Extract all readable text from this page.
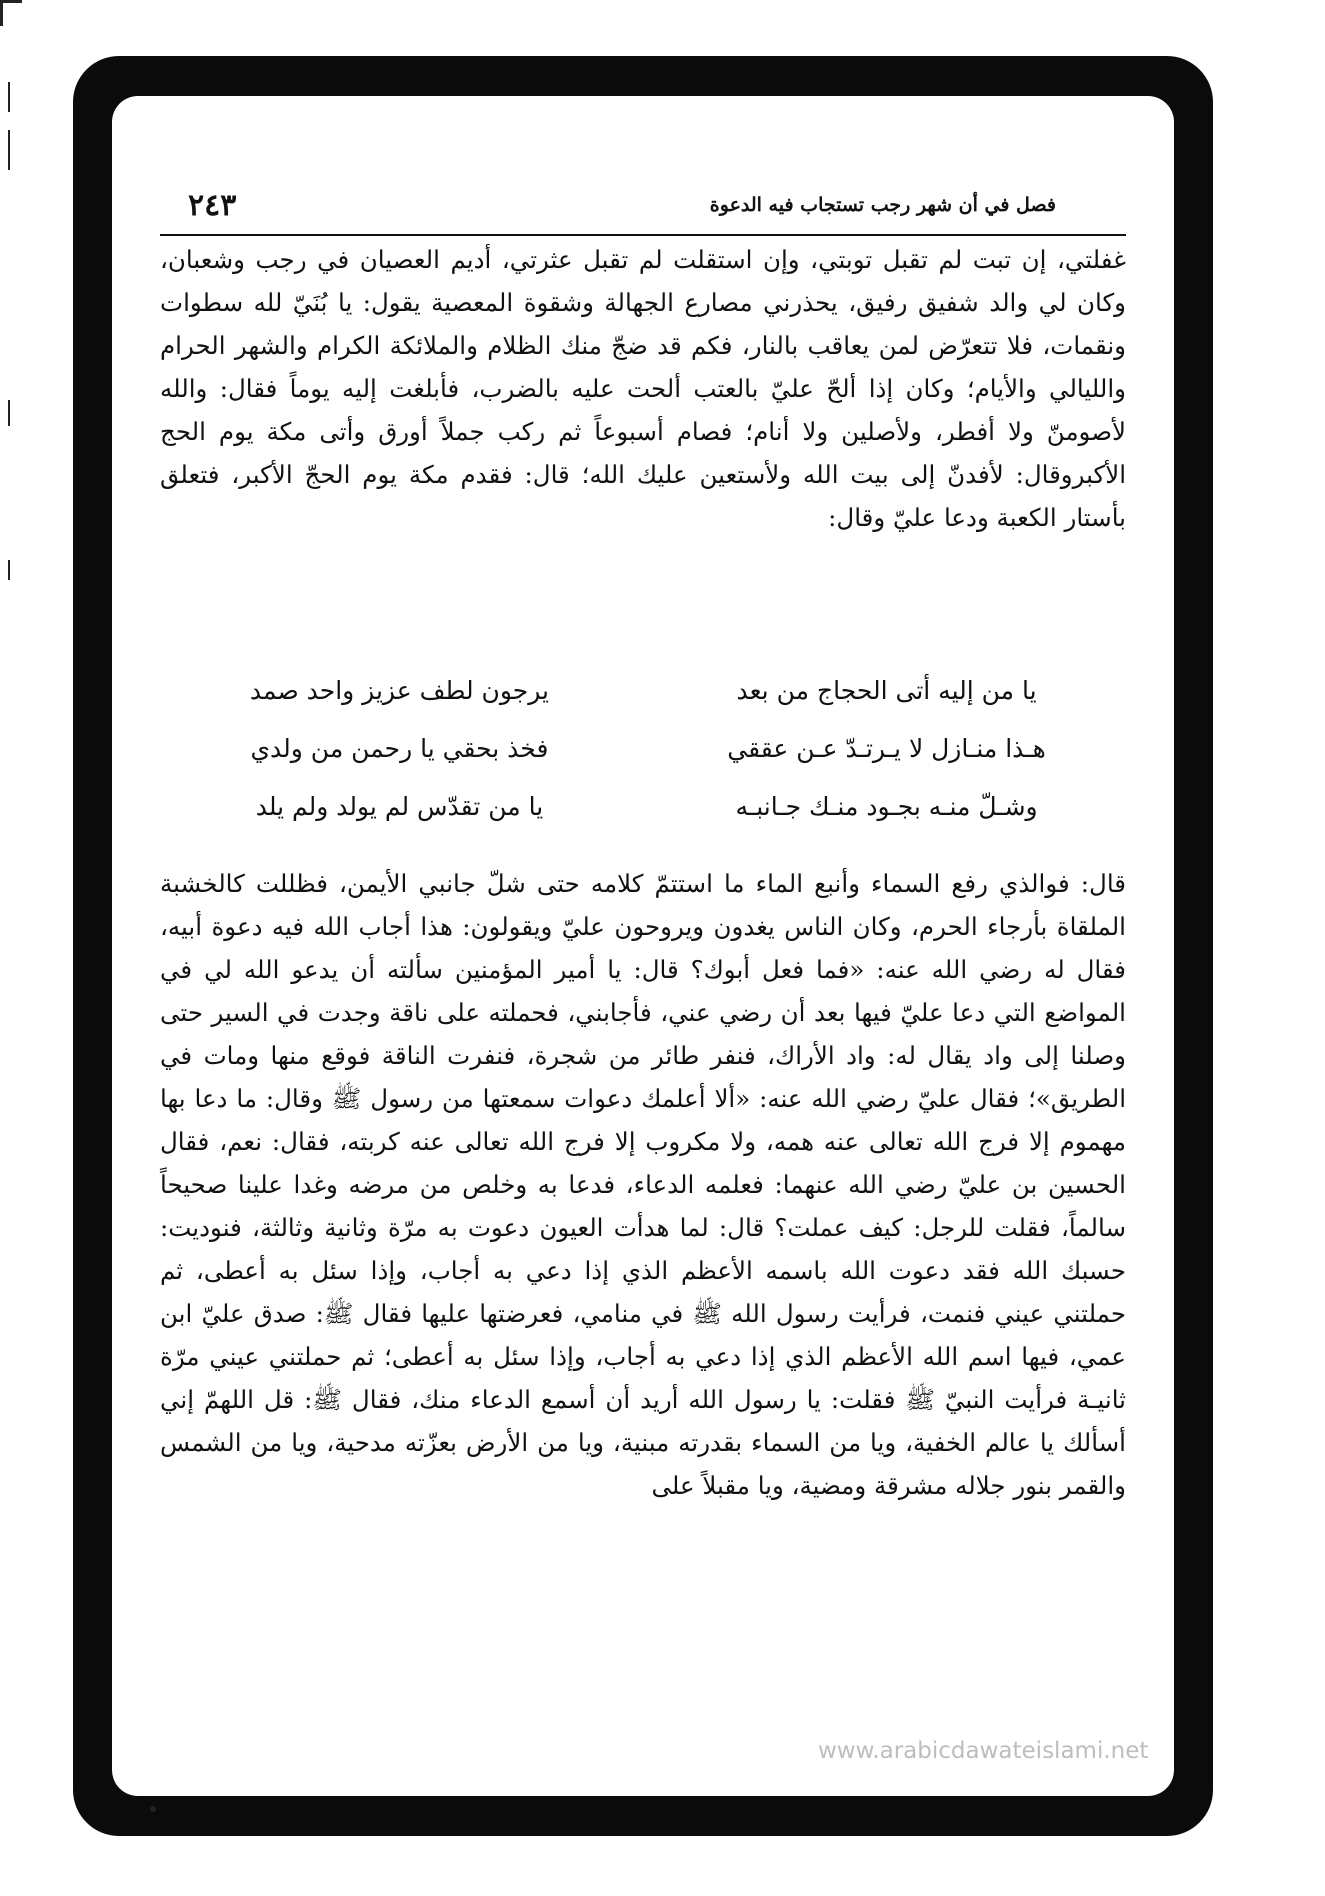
فصل في أن شهر رجب تستجاب فيه الدعوة
٢٤٣
غفلتي، إن تبت لم تقبل توبتي، وإن استقلت لم تقبل عثرتي، أديم العصيان في رجب وشعبان، وكان لي والد شفيق رفيق، يحذرني مصارع الجهالة وشقوة المعصية يقول: يا بُنَيّ لله سطوات ونقمات، فلا تتعرّض لمن يعاقب بالنار، فكم قد ضجّ منك الظلام والملائكة الكرام والشهر الحرام والليالي والأيام؛ وكان إذا ألحّ عليّ بالعتب ألحت عليه بالضرب، فأبلغت إليه يوماً فقال: والله لأصومنّ ولا أفطر، ولأصلين ولا أنام؛ فصام أسبوعاً ثم ركب جملاً أورق وأتى مكة يوم الحج الأكبروقال: لأفدنّ إلى بيت الله ولأستعين عليك الله؛ قال: فقدم مكة يوم الحجّ الأكبر، فتعلق بأستار الكعبة ودعا عليّ وقال:
يا من إليه أتى الحجاج من بعد
يرجون لطف عزيز واحد صمد
هـذا منـازل لا يـرتـدّ عـن عققي
فخذ بحقي يا رحمن من ولدي
وشـلّ منـه بجـود منـك جـانبـه
يا من تقدّس لم يولد ولم يلد
قال: فوالذي رفع السماء وأنبع الماء ما استتمّ كلامه حتى شلّ جانبي الأيمن، فظللت كالخشبة الملقاة بأرجاء الحرم، وكان الناس يغدون ويروحون عليّ ويقولون: هذا أجاب الله فيه دعوة أبيه، فقال له رضي الله عنه: «فما فعل أبوك؟ قال: يا أمير المؤمنين سألته أن يدعو الله لي في المواضع التي دعا عليّ فيها بعد أن رضي عني، فأجابني، فحملته على ناقة وجدت في السير حتى وصلنا إلى واد يقال له: واد الأراك، فنفر طائر من شجرة، فنفرت الناقة فوقع منها ومات في الطريق»؛ فقال عليّ رضي الله عنه: «ألا أعلمك دعوات سمعتها من رسول ﷺ وقال: ما دعا بها مهموم إلا فرج الله تعالى عنه همه، ولا مكروب إلا فرج الله تعالى عنه كربته، فقال: نعم، فقال الحسين بن عليّ رضي الله عنهما: فعلمه الدعاء، فدعا به وخلص من مرضه وغدا علينا صحيحاً سالماً، فقلت للرجل: كيف عملت؟ قال: لما هدأت العيون دعوت به مرّة وثانية وثالثة، فنوديت: حسبك الله فقد دعوت الله باسمه الأعظم الذي إذا دعي به أجاب، وإذا سئل به أعطى، ثم حملتني عيني فنمت، فرأيت رسول الله ﷺ في منامي، فعرضتها عليها فقال ﷺ: صدق عليّ ابن عمي، فيها اسم الله الأعظم الذي إذا دعي به أجاب، وإذا سئل به أعطى؛ ثم حملتني عيني مرّة ثانيـة فرأيت النبيّ ﷺ فقلت: يا رسول الله أريد أن أسمع الدعاء منك، فقال ﷺ: قل اللهمّ إني أسألك يا عالم الخفية، ويا من السماء بقدرته مبنية، ويا من الأرض بعزّته مدحية، ويا من الشمس والقمر بنور جلاله مشرقة ومضية، ويا مقبلاً على
www.arabicdawateislami.net
